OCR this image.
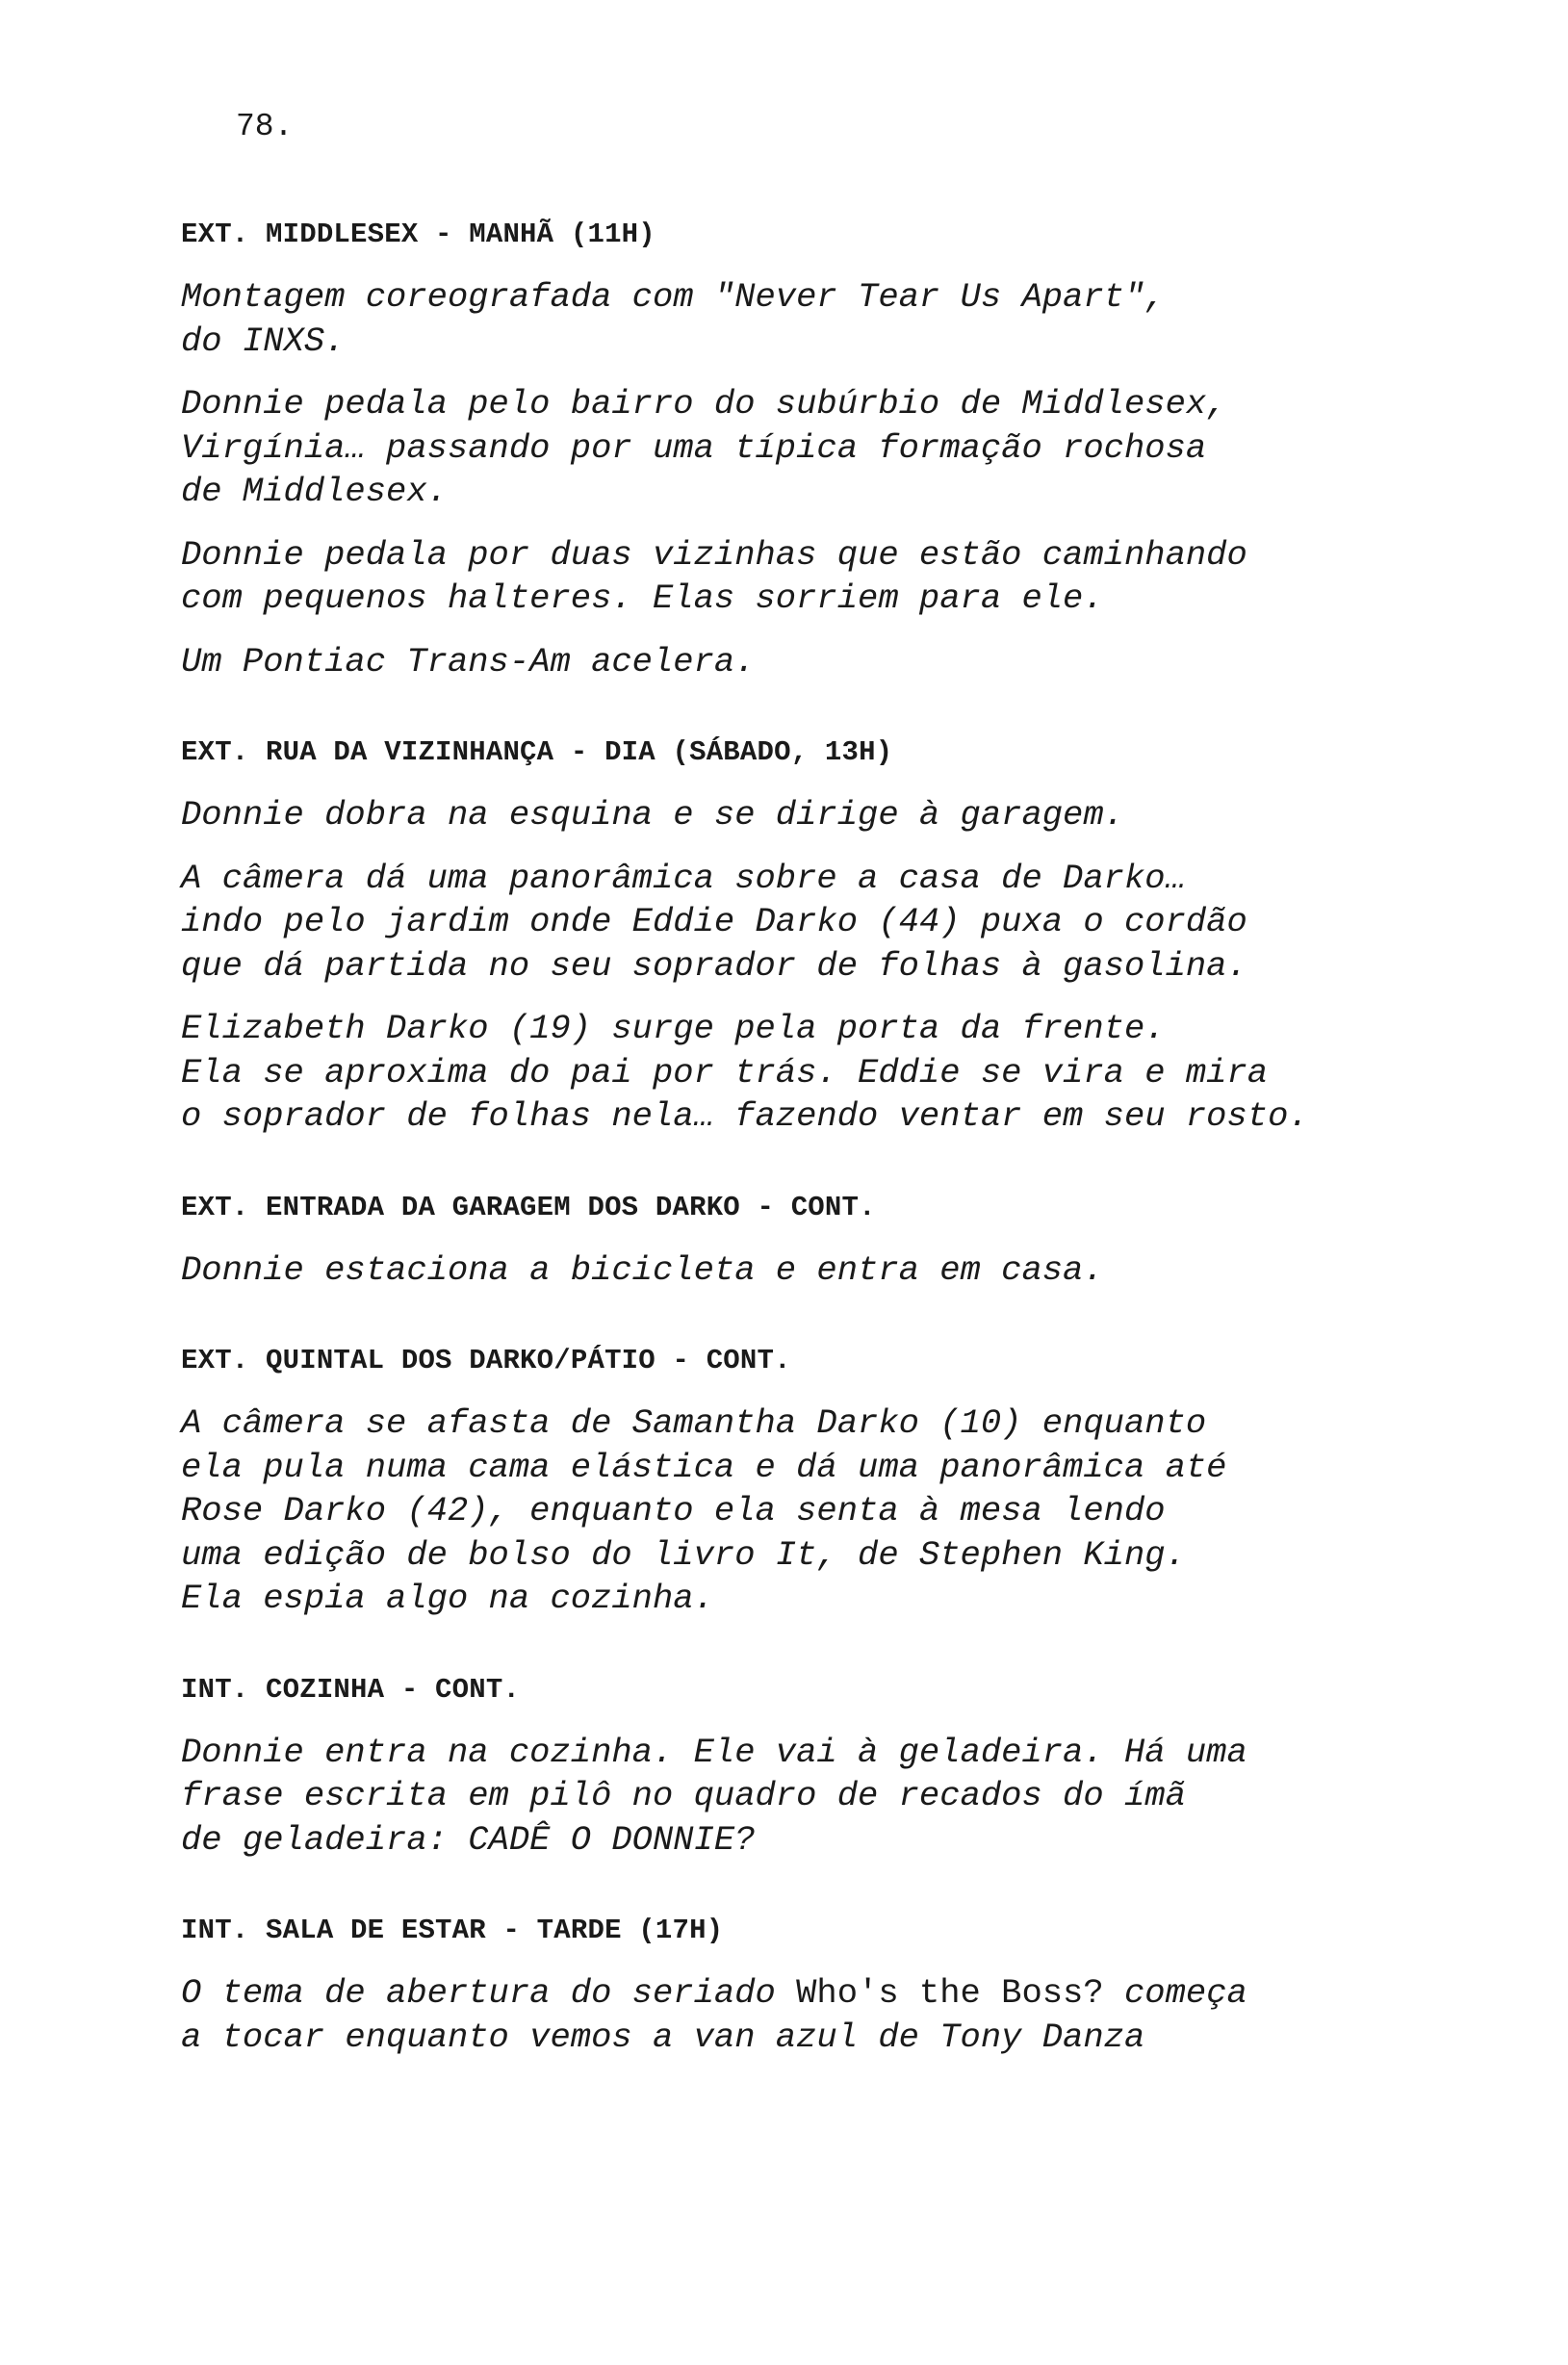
78.
EXT. MIDDLESEX - MANHÃ (11H)

Montagem coreografada com "Never Tear Us Apart",
do INXS.

Donnie pedala pelo bairro do subúrbio de Middlesex,
Virgínia… passando por uma típica formação rochosa
de Middlesex.

Donnie pedala por duas vizinhas que estão caminhando
com pequenos halteres. Elas sorriem para ele.

Um Pontiac Trans-Am acelera.

EXT. RUA DA VIZINHANÇA - DIA (SÁBADO, 13H)

Donnie dobra na esquina e se dirige à garagem.

A câmera dá uma panorâmica sobre a casa de Darko…
indo pelo jardim onde Eddie Darko (44) puxa o cordão
que dá partida no seu soprador de folhas à gasolina.

Elizabeth Darko (19) surge pela porta da frente.
Ela se aproxima do pai por trás. Eddie se vira e mira
o soprador de folhas nela… fazendo ventar em seu rosto.

EXT. ENTRADA DA GARAGEM DOS DARKO - CONT.

Donnie estaciona a bicicleta e entra em casa.

EXT. QUINTAL DOS DARKO/PÁTIO - CONT.

A câmera se afasta de Samantha Darko (10) enquanto
ela pula numa cama elástica e dá uma panorâmica até
Rose Darko (42), enquanto ela senta à mesa lendo
uma edição de bolso do livro It, de Stephen King.
Ela espia algo na cozinha.

INT. COZINHA - CONT.

Donnie entra na cozinha. Ele vai à geladeira. Há uma
frase escrita em pilô no quadro de recados do ímã
de geladeira: CADÊ O DONNIE?

INT. SALA DE ESTAR - TARDE (17H)

O tema de abertura do seriado Who's the Boss? começa
a tocar enquanto vemos a van azul de Tony Danza
